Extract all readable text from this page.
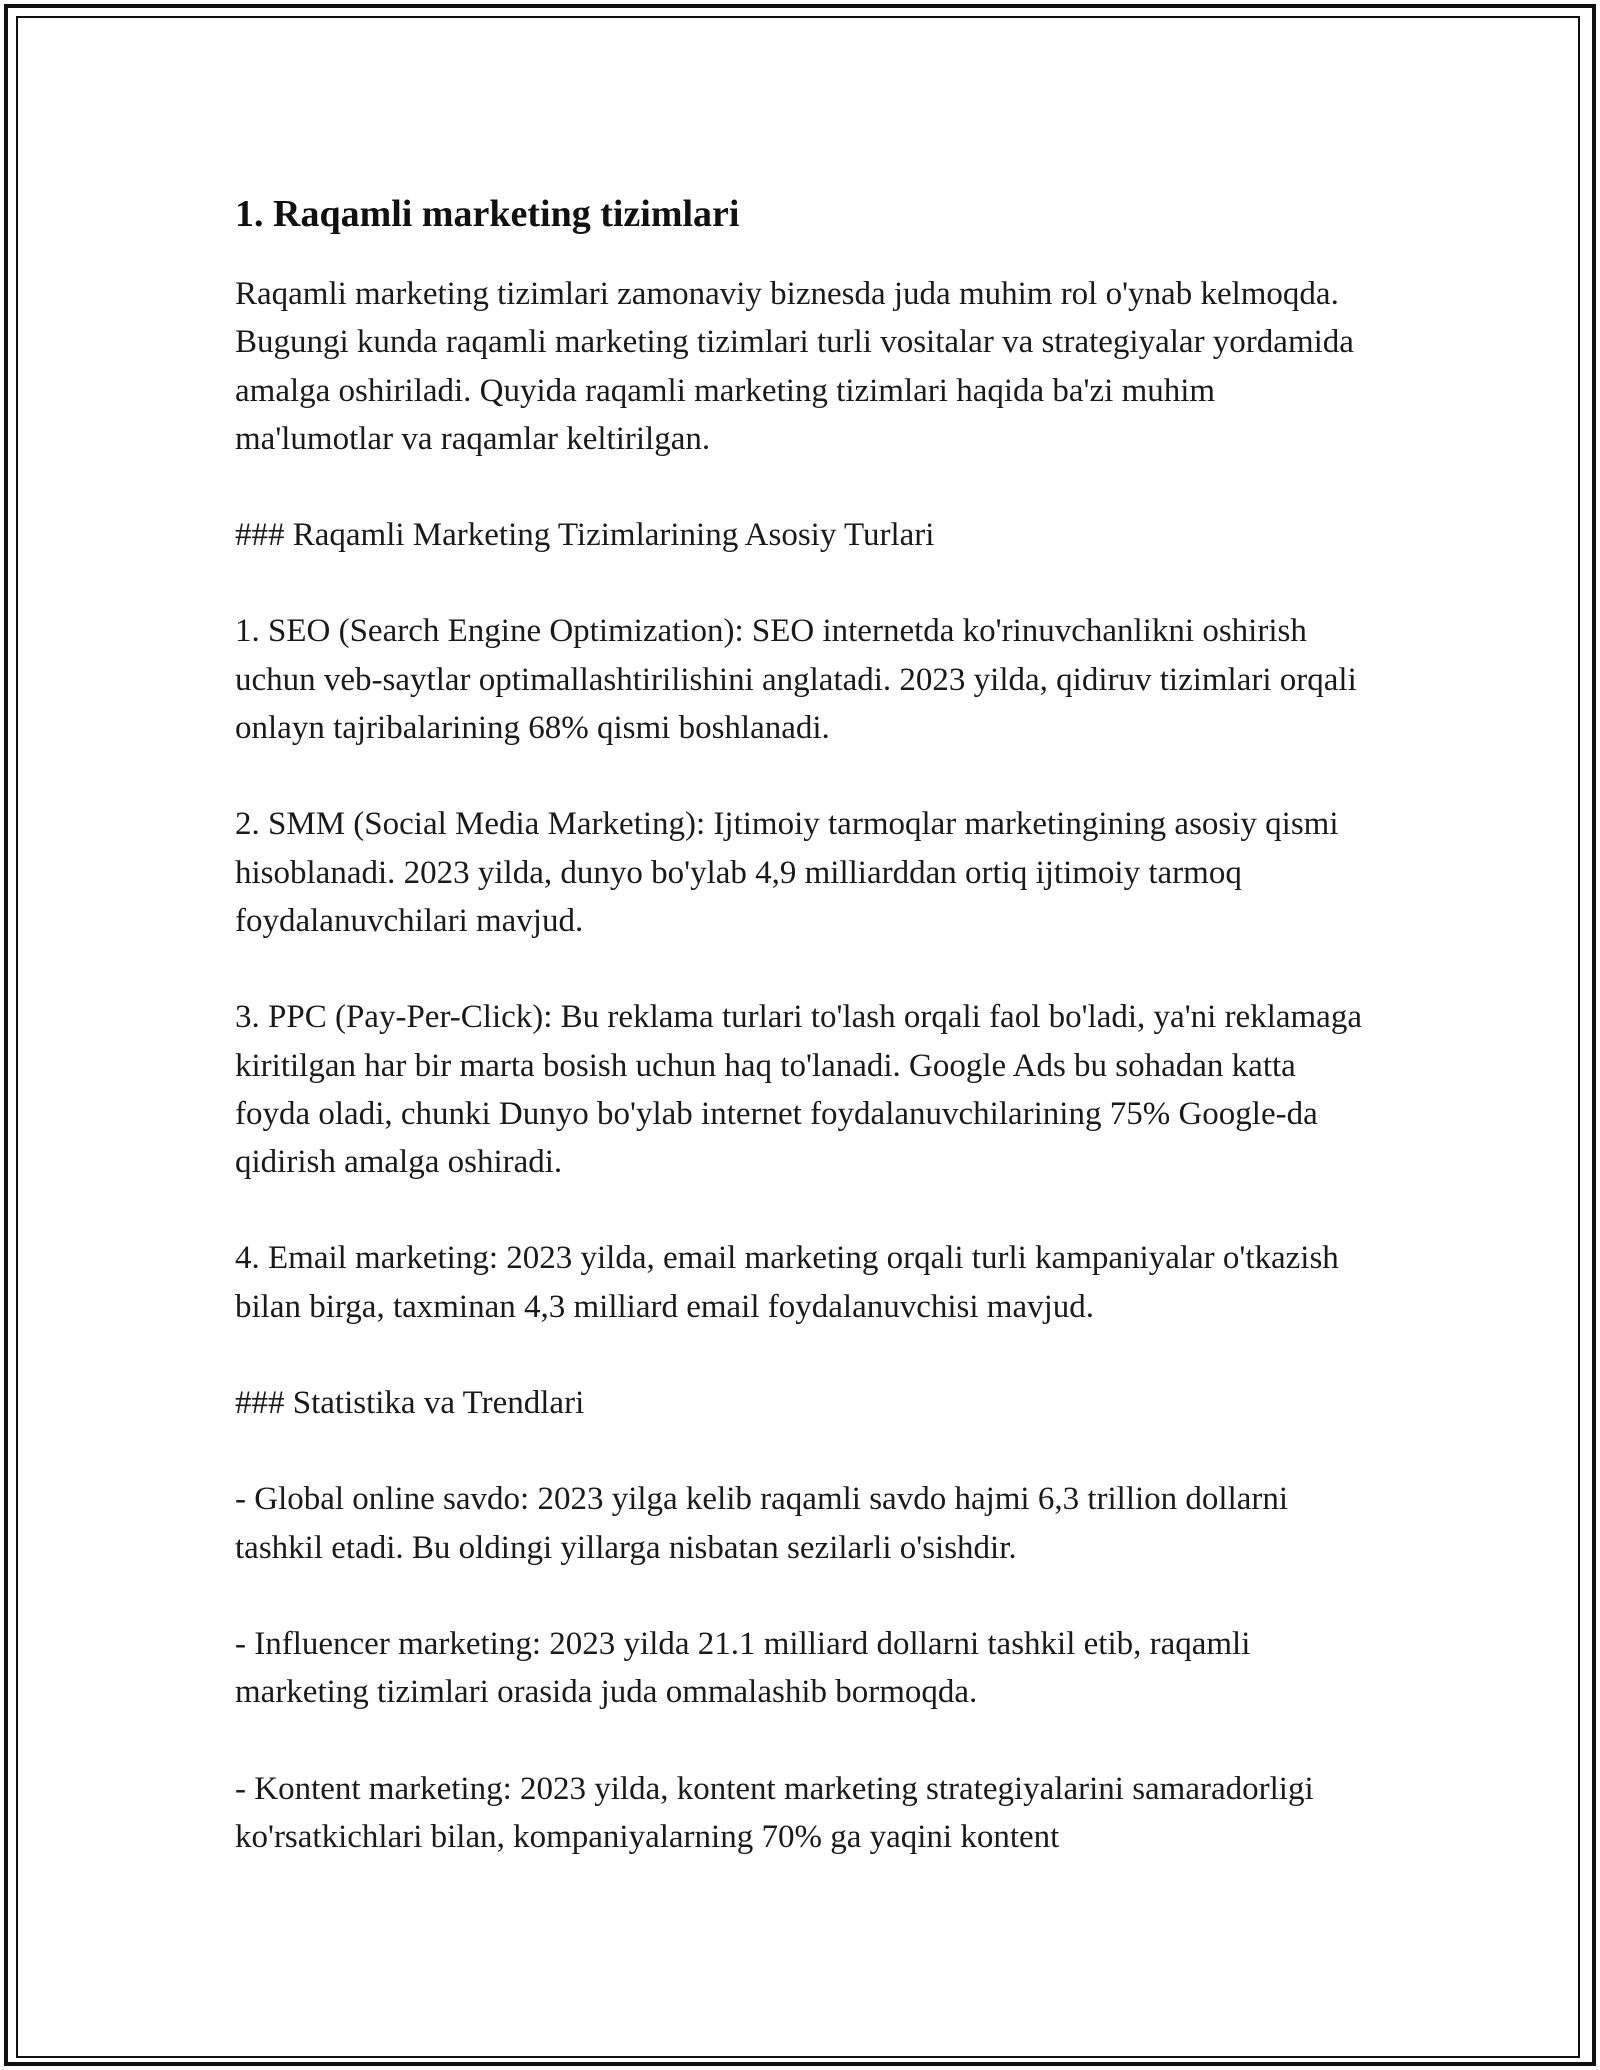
1. Raqamli marketing tizimlari

Raqamli marketing tizimlari zamonaviy biznesda juda muhim rol o'ynab kelmoqda. Bugungi kunda raqamli marketing tizimlari turli vositalar va strategiyalar yordamida amalga oshiriladi. Quyida raqamli marketing tizimlari haqida ba'zi muhim ma'lumotlar va raqamlar keltirilgan.

### Raqamli Marketing Tizimlarining Asosiy Turlari

1. SEO (Search Engine Optimization): SEO internetda ko'rinuvchanlikni oshirish uchun veb-saytlar optimallashtirilishini anglatadi. 2023 yilda, qidiruv tizimlari orqali onlayn tajribalarining 68% qismi boshlanadi.

2. SMM (Social Media Marketing): Ijtimoiy tarmoqlar marketingining asosiy qismi hisoblanadi. 2023 yilda, dunyo bo'ylab 4,9 milliarddan ortiq ijtimoiy tarmoq foydalanuvchilari mavjud.

3. PPC (Pay-Per-Click): Bu reklama turlari to'lash orqali faol bo'ladi, ya'ni reklamaga kiritilgan har bir marta bosish uchun haq to'lanadi. Google Ads bu sohadan katta foyda oladi, chunki Dunyo bo'ylab internet foydalanuvchilarining 75% Google-da qidirish amalga oshiradi.

4. Email marketing: 2023 yilda, email marketing orqali turli kampaniyalar o'tkazish bilan birga, taxminan 4,3 milliard email foydalanuvchisi mavjud.

### Statistika va Trendlari

- Global online savdo: 2023 yilga kelib raqamli savdo hajmi 6,3 trillion dollarni tashkil etadi. Bu oldingi yillarga nisbatan sezilarli o'sishdir.

- Influencer marketing: 2023 yilda 21.1 milliard dollarni tashkil etib, raqamli marketing tizimlari orasida juda ommalashib bormoqda.

- Kontent marketing: 2023 yilda, kontent marketing strategiyalarini samaradorligi ko'rsatkichlari bilan, kompaniyalarning 70% ga yaqini kontent
